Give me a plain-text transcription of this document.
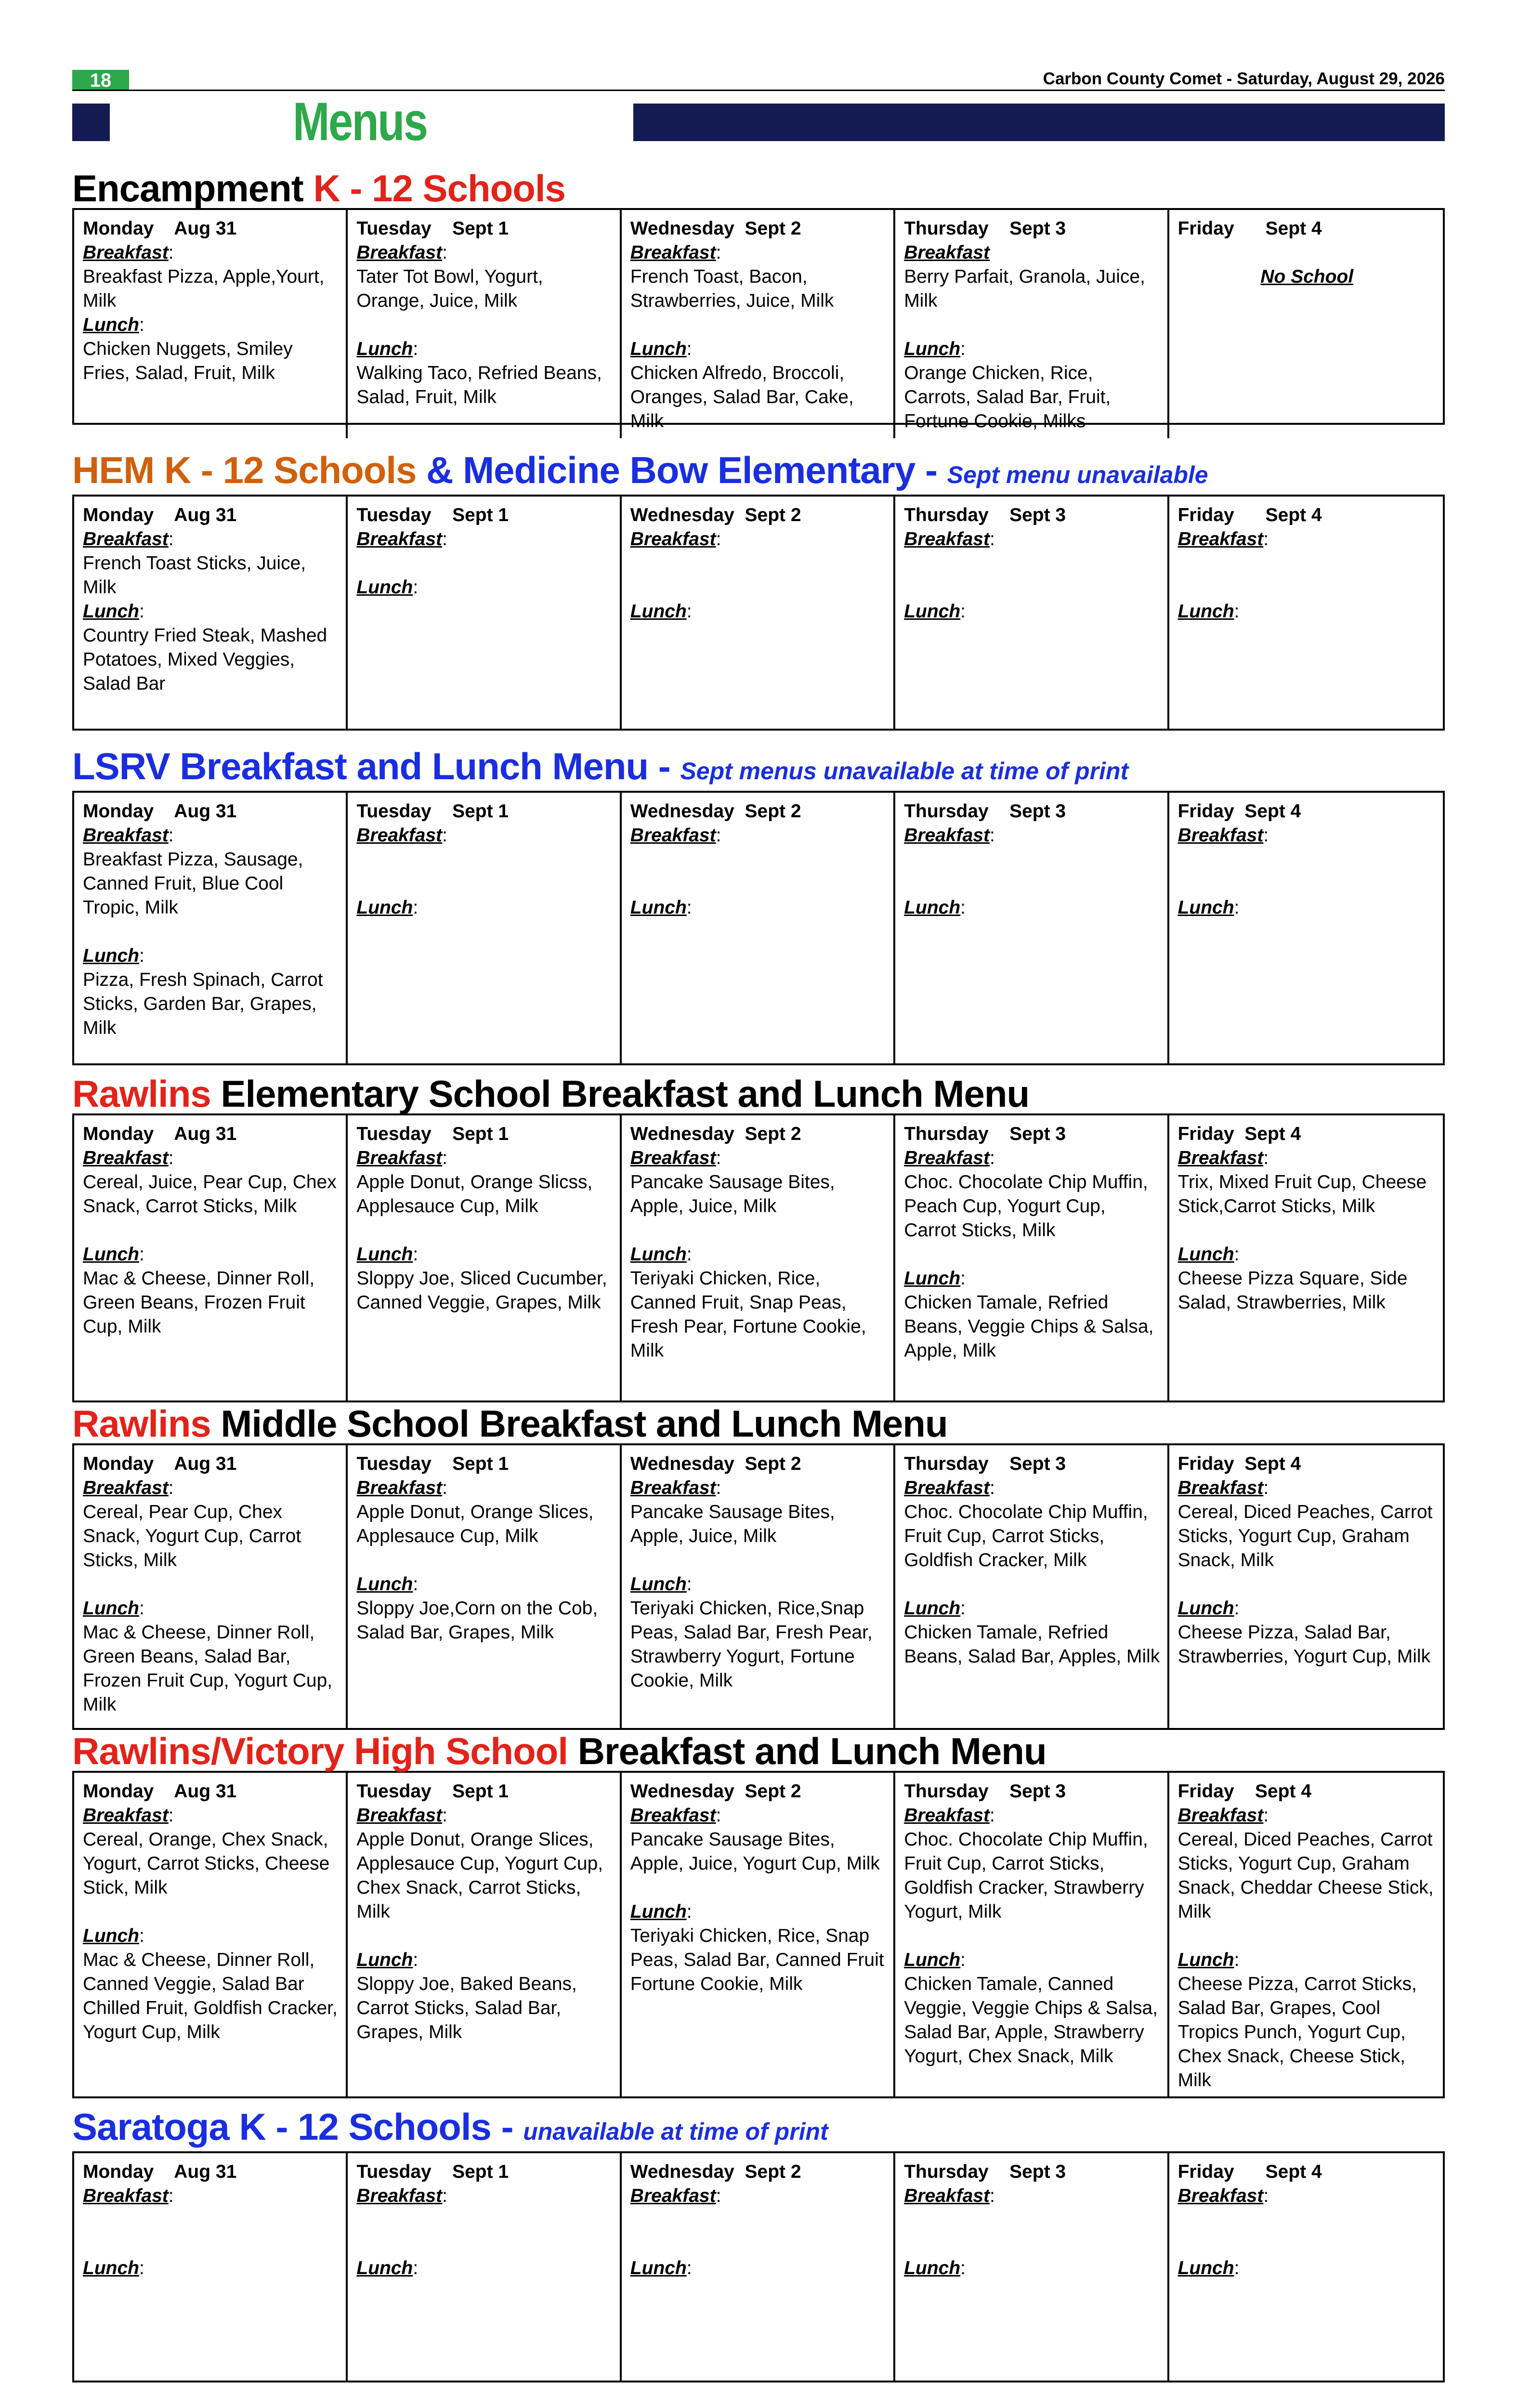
18	Carbon County Comet - Saturday, August 29, 2026
Menus
Encampment K - 12 Schools
Monday    Aug 31
Breakfast:
Breakfast Pizza, Apple,Yourt, Milk
Lunch:
Chicken Nuggets, Smiley Fries, Salad, Fruit, Milk
Tuesday    Sept 1
Breakfast:
Tater Tot Bowl, Yogurt, Orange, Juice, Milk
Lunch:
Walking Taco, Refried Beans, Salad, Fruit, Milk
Wednesday  Sept 2
Breakfast:
French Toast, Bacon, Strawberries, Juice, Milk
Lunch:
Chicken Alfredo, Broccoli, Oranges, Salad Bar, Cake, Milk
Thursday    Sept 3
Breakfast
Berry Parfait, Granola, Juice, Milk
Lunch:
Orange Chicken, Rice, Carrots, Salad Bar, Fruit, Fortune Cookie, Milks
Friday      Sept 4
No School
HEM K - 12 Schools & Medicine Bow Elementary - Sept menu unavailable
Monday    Aug 31
Breakfast:
French Toast Sticks, Juice, Milk
Lunch:
Country Fried Steak, Mashed Potatoes, Mixed Veggies, Salad Bar
Tuesday    Sept 1
Breakfast:
Lunch:
Wednesday  Sept 2
Breakfast:
Lunch:
Thursday    Sept 3
Breakfast:
Lunch:
Friday      Sept 4
Breakfast:
Lunch:
LSRV Breakfast and Lunch Menu - Sept menus unavailable at time of print
Monday    Aug 31
Breakfast:
Breakfast Pizza, Sausage, Canned Fruit, Blue Cool Tropic, Milk
Lunch:
Pizza, Fresh Spinach, Carrot Sticks, Garden Bar, Grapes, Milk
Tuesday    Sept 1
Breakfast:
Lunch:
Wednesday  Sept 2
Breakfast:
Lunch:
Thursday    Sept 3
Breakfast:
Lunch:
Friday  Sept 4
Breakfast:
Lunch:
Rawlins Elementary School Breakfast and Lunch Menu
Monday    Aug 31
Breakfast:
Cereal, Juice, Pear Cup, Chex Snack, Carrot Sticks, Milk
Lunch:
Mac & Cheese, Dinner Roll, Green Beans, Frozen Fruit Cup, Milk
Tuesday    Sept 1
Breakfast:
Apple Donut, Orange Slicss, Applesauce Cup, Milk
Lunch:
Sloppy Joe, Sliced Cucumber, Canned Veggie, Grapes, Milk
Wednesday  Sept 2
Breakfast:
Pancake Sausage Bites, Apple, Juice, Milk
Lunch:
Teriyaki Chicken, Rice, Canned Fruit, Snap Peas, Fresh Pear, Fortune Cookie, Milk
Thursday    Sept 3
Breakfast:
Choc. Chocolate Chip Muffin, Peach Cup, Yogurt Cup, Carrot Sticks, Milk
Lunch:
Chicken Tamale, Refried Beans, Veggie Chips & Salsa, Apple, Milk
Friday  Sept 4
Breakfast:
Trix, Mixed Fruit Cup, Cheese Stick,Carrot Sticks, Milk
Lunch:
Cheese Pizza Square, Side Salad, Strawberries, Milk
Rawlins Middle School Breakfast and Lunch Menu
Monday    Aug 31
Breakfast:
Cereal, Pear Cup, Chex Snack, Yogurt Cup, Carrot Sticks, Milk
Lunch:
Mac & Cheese, Dinner Roll, Green Beans, Salad Bar, Frozen Fruit Cup, Yogurt Cup, Milk
Tuesday    Sept 1
Breakfast:
Apple Donut, Orange Slices, Applesauce Cup, Milk
Lunch:
Sloppy Joe,Corn on the Cob, Salad Bar, Grapes, Milk
Wednesday  Sept 2
Breakfast:
Pancake Sausage Bites, Apple, Juice, Milk
Lunch:
Teriyaki Chicken, Rice,Snap Peas, Salad Bar, Fresh Pear, Strawberry Yogurt, Fortune Cookie, Milk
Thursday    Sept 3
Breakfast:
Choc. Chocolate Chip Muffin, Fruit Cup, Carrot Sticks, Goldfish Cracker, Milk
Lunch:
Chicken Tamale, Refried Beans, Salad Bar, Apples, Milk
Friday  Sept 4
Breakfast:
Cereal, Diced Peaches, Carrot Sticks, Yogurt Cup, Graham Snack, Milk
Lunch:
Cheese Pizza, Salad Bar, Strawberries, Yogurt Cup, Milk
Rawlins/Victory High School Breakfast and Lunch Menu
Monday    Aug 31
Breakfast:
Cereal, Orange, Chex Snack, Yogurt, Carrot Sticks, Cheese Stick, Milk
Lunch:
Mac & Cheese, Dinner Roll, Canned Veggie, Salad Bar Chilled Fruit, Goldfish Cracker, Yogurt Cup, Milk
Tuesday    Sept 1
Breakfast:
Apple Donut, Orange Slices, Applesauce Cup, Yogurt Cup, Chex Snack, Carrot Sticks, Milk
Lunch:
Sloppy Joe, Baked Beans, Carrot Sticks, Salad Bar, Grapes, Milk
Wednesday  Sept 2
Breakfast:
Pancake Sausage Bites, Apple, Juice, Yogurt Cup, Milk
Lunch:
Teriyaki Chicken, Rice, Snap Peas, Salad Bar, Canned Fruit Fortune Cookie, Milk
Thursday    Sept 3
Breakfast:
Choc. Chocolate Chip Muffin, Fruit Cup, Carrot Sticks, Goldfish Cracker, Strawberry Yogurt, Milk
Lunch:
Chicken Tamale, Canned Veggie, Veggie Chips & Salsa, Salad Bar, Apple, Strawberry Yogurt, Chex Snack, Milk
Friday    Sept 4
Breakfast:
Cereal, Diced Peaches, Carrot Sticks, Yogurt Cup, Graham Snack, Cheddar Cheese Stick, Milk
Lunch:
Cheese Pizza, Carrot Sticks, Salad Bar, Grapes, Cool Tropics Punch, Yogurt Cup, Chex Snack, Cheese Stick, Milk
Saratoga K - 12 Schools - unavailable at time of print
Monday    Aug 31
Breakfast:
Lunch:
Tuesday    Sept 1
Breakfast:
Lunch:
Wednesday  Sept 2
Breakfast:
Lunch:
Thursday    Sept 3
Breakfast:
Lunch:
Friday      Sept 4
Breakfast:
Lunch:
